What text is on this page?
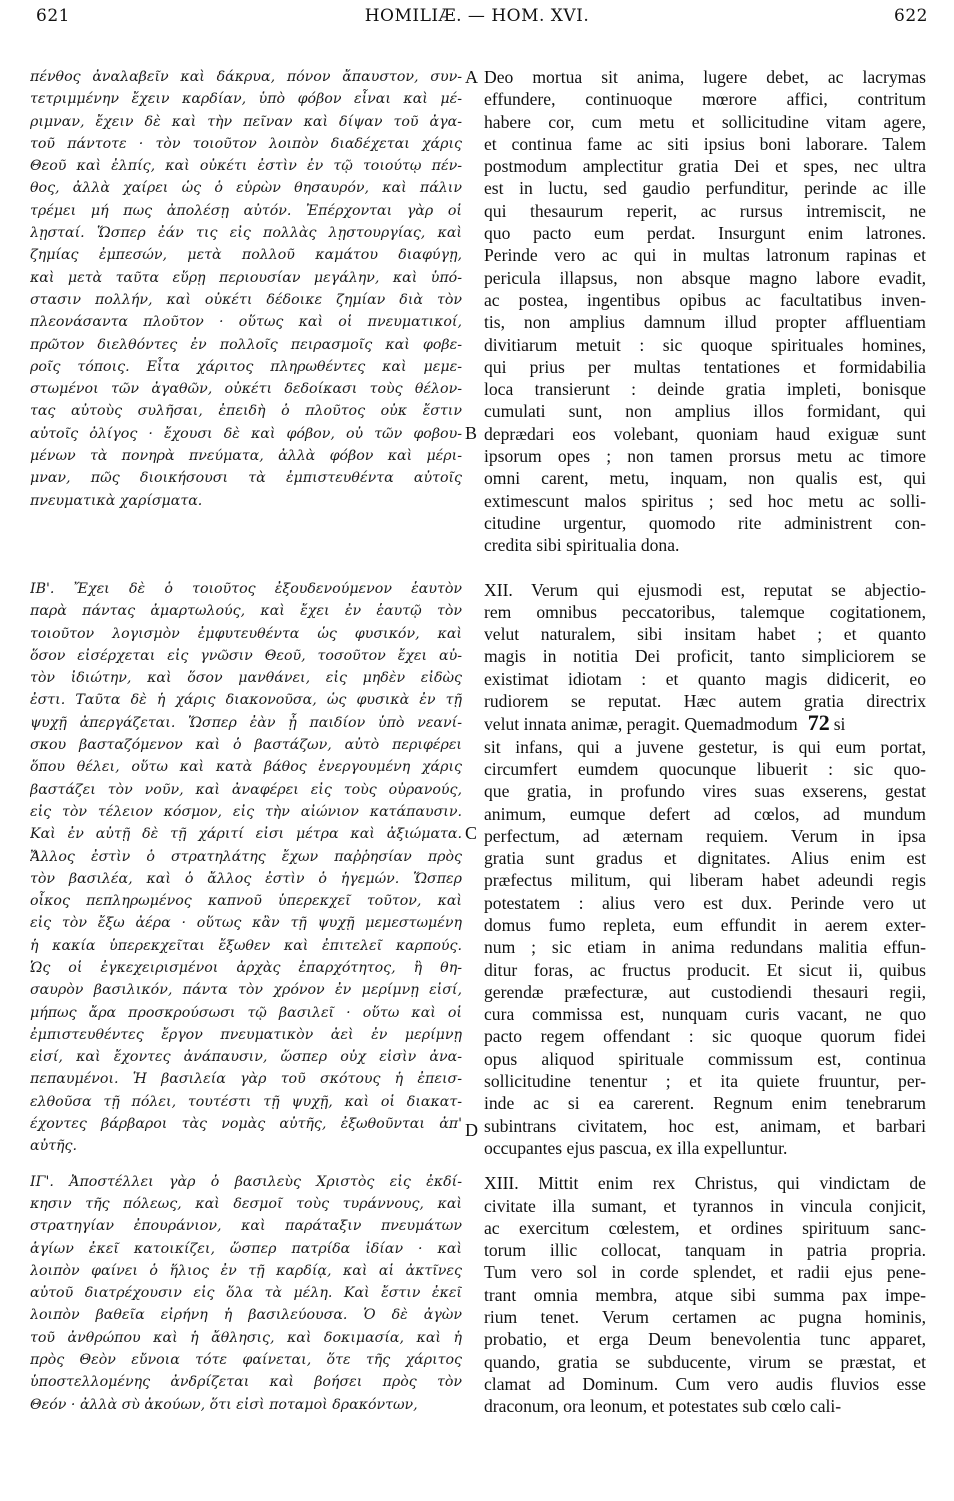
621	HOMILIÆ. — HOM. XVI.	622
πένθος ἀναλαβεῖν καὶ δάκρυα, πόνον ἄπαυστον, συν-
τετριμμένην ἔχειν καρδίαν, ὑπὸ φόβον εἶναι καὶ μέ-
ριμναν, ἔχειν δὲ καὶ τὴν πεῖναν καὶ δίψαν τοῦ ἀγα-
τοῦ πάντοτε · τὸν τοιοῦτον λοιπὸν διαδέχεται χάρις
Θεοῦ καὶ ἐλπίς, καὶ οὐκέτι ἐστὶν ἐν τῷ τοιούτῳ πέν-
θος, ἀλλὰ χαίρει ὡς ὁ εὑρὼν θησαυρόν, καὶ πάλιν
τρέμει μή πως ἀπολέσῃ αὐτόν. Ἐπέρχονται γὰρ οἱ
λῃσταί. Ὥσπερ ἐάν τις εἰς πολλὰς λῃστουργίας, καὶ
ζημίας ἐμπεσών, μετὰ πολλοῦ καμάτου διαφύγῃ,
καὶ μετὰ ταῦτα εὕρῃ περιουσίαν μεγάλην, καὶ ὑπό-
στασιν πολλήν, καὶ οὐκέτι δέδοικε ζημίαν διὰ τὸν
πλεονάσαντα πλοῦτον · οὕτως καὶ οἱ πνευματικοί,
πρῶτον διελθόντες ἐν πολλοῖς πειρασμοῖς καὶ φοβε-
ροῖς τόποις. Εἶτα χάριτος πληρωθέντες καὶ μεμε-
στωμένοι τῶν ἀγαθῶν, οὐκέτι δεδοίκασι τοὺς θέλον-
τας αὐτοὺς συλῆσαι, ἐπειδὴ ὁ πλοῦτος οὐκ ἔστιν
αὐτοῖς ὀλίγος · ἔχουσι δὲ καὶ φόβον, οὐ τῶν φοβου-
μένων τὰ πονηρὰ πνεύματα, ἀλλὰ φόβον καὶ μέρι-
μναν, πῶς διοικήσουσι τὰ ἐμπιστευθέντα αὐτοῖς
πνευματικὰ χαρίσματα.
ΙΒ'. Ἔχει δὲ ὁ τοιοῦτος ἐξουδενούμενον ἑαυτὸν
παρὰ πάντας ἁμαρτωλούς, καὶ ἔχει ἐν ἑαυτῷ τὸν
τοιοῦτον λογισμὸν ἐμφυτευθέντα ὡς φυσικόν, καὶ
ὅσον εἰσέρχεται εἰς γνῶσιν Θεοῦ, τοσοῦτον ἔχει αὐ-
τὸν ἰδιώτην, καὶ ὅσον μανθάνει, εἰς μηδὲν εἰδὼς
ἐστι. Ταῦτα δὲ ἡ χάρις διακονοῦσα, ὡς φυσικὰ ἐν τῇ
ψυχῇ ἀπεργάζεται. Ὥσπερ ἐὰν ᾖ παιδίον ὑπὸ νεανί-
σκου βασταζόμενον καὶ ὁ βαστάζων, αὐτὸ περιφέρει
ὅπου θέλει, οὕτω καὶ κατὰ βάθος ἐνεργουμένη χάρις
βαστάζει τὸν νοῦν, καὶ ἀναφέρει εἰς τοὺς οὐρανούς,
εἰς τὸν τέλειον κόσμον, εἰς τὴν αἰώνιον κατάπαυσιν.
Καὶ ἐν αὐτῇ δὲ τῇ χάριτί εἰσι μέτρα καὶ ἀξιώματα.
Ἄλλος ἐστὶν ὁ στρατηλάτης ἔχων παῤῥησίαν πρὸς
τὸν βασιλέα, καὶ ὁ ἄλλος ἐστὶν ὁ ἡγεμών. Ὥσπερ
οἶκος πεπληρωμένος καπνοῦ ὑπερεκχεῖ τοῦτον, καὶ
εἰς τὸν ἔξω ἀέρα · οὕτως κἂν τῇ ψυχῇ μεμεστωμένη
ἡ κακία ὑπερεκχεῖται ἔξωθεν καὶ ἐπιτελεῖ καρπούς.
Ὡς οἱ ἐγκεχειρισμένοι ἀρχὰς ἐπαρχότητος, ἢ θη-
σαυρὸν βασιλικόν, πάντα τὸν χρόνον ἐν μερίμνῃ εἰσί,
μήπως ἄρα προσκρούσωσι τῷ βασιλεῖ · οὕτω καὶ οἱ
ἐμπιστευθέντες ἔργον πνευματικὸν ἀεὶ ἐν μερίμνῃ
εἰσί, καὶ ἔχοντες ἀνάπαυσιν, ὥσπερ οὐχ εἰσὶν ἀνα-
πεπαυμένοι. Ἡ βασιλεία γὰρ τοῦ σκότους ἡ ἐπεισ-
ελθοῦσα τῇ πόλει, τουτέστι τῇ ψυχῇ, καὶ οἱ διακατ-
έχοντες βάρβαροι τὰς νομὰς αὐτῆς, ἐξωθοῦνται ἀπ'
αὐτῆς.
ΙΓ'. Ἀποστέλλει γὰρ ὁ βασιλεὺς Χριστὸς εἰς ἐκδί-
κησιν τῆς πόλεως, καὶ δεσμοῖ τοὺς τυράννους, καὶ
στρατηγίαν ἐπουράνιον, καὶ παράταξιν πνευμάτων
ἁγίων ἐκεῖ κατοικίζει, ὥσπερ πατρίδα ἰδίαν · καὶ
λοιπὸν φαίνει ὁ ἥλιος ἐν τῇ καρδίᾳ, καὶ αἱ ἀκτῖνες
αὐτοῦ διατρέχουσιν εἰς ὅλα τὰ μέλη. Καὶ ἔστιν ἐκεῖ
λοιπὸν βαθεῖα εἰρήνη ἡ βασιλεύουσα. Ὁ δὲ ἀγὼν
τοῦ ἀνθρώπου καὶ ἡ ἄθλησις, καὶ δοκιμασία, καὶ ἡ
πρὸς Θεὸν εὔνοια τότε φαίνεται, ὅτε τῆς χάριτος
ὑποστελλομένης ἀνδρίζεται καὶ βοήσει πρὸς τὸν
Θεόν · ἀλλὰ σὺ ἀκούων, ὅτι εἰσὶ ποταμοὶ δρακόντων,
Deo mortua sit anima, lugere debet, ac lacrymas
effundere, continuoque mœrore affici, contritum
habere cor, cum metu et sollicitudine vitam agere,
et continua fame ac siti ipsius boni laborare. Talem
postmodum amplectitur gratia Dei et spes, nec ultra
est in luctu, sed gaudio perfunditur, perinde ac ille
qui thesaurum reperit, ac rursus intremiscit, ne
quo pacto eum perdat. Insurgunt enim latrones.
Perinde vero ac qui in multas latronum rapinas et
pericula illapsus, non absque magno labore evadit,
ac postea, ingentibus opibus ac facultatibus inven-
tis, non amplius damnum illud propter affluentiam
divitiarum metuit : sic quoque spirituales homines,
qui prius per multas tentationes et formidabilia
loca transierunt : deinde gratia impleti, bonisque
cumulati sunt, non amplius illos formidant, qui
deprædari eos volebant, quoniam haud exiguæ sunt
ipsorum opes ; non tamen prorsus metu ac timore
omni carent, metu, inquam, non qualis est, qui
extimescunt malos spiritus ; sed hoc metu ac solli-
citudine urgentur, quomodo rite administrent con-
credita sibi spiritualia dona.
XII. Verum qui ejusmodi est, reputat se abjectio-
rem omnibus peccatoribus, talemque cogitationem,
velut naturalem, sibi insitam habet ; et quanto
magis in notitia Dei proficit, tanto simpliciorem se
existimat idiotam : et quanto magis didicerit, eo
rudiorem se reputat. Hæc autem gratia directrix
velut innata animæ, peragit. Quemadmodum 72 si
sit infans, qui a juvene gestetur, is qui eum portat,
circumfert eumdem quocunque libuerit : sic quo-
que gratia, in profundo vires suas exserens, gestat
animum, eumque defert ad cœlos, ad mundum
perfectum, ad æternam requiem. Verum in ipsa
gratia sunt gradus et dignitates. Alius enim est
præfectus militum, qui liberam habet adeundi regis
potestatem : alius vero est dux. Perinde vero ut
domus fumo repleta, eum effundit in aerem exter-
num ; sic etiam in anima redundans malitia effun-
ditur foras, ac fructus producit. Et sicut ii, quibus
gerendæ præfecturæ, aut custodiendi thesauri regii,
cura commissa est, nunquam curis vacant, ne quo
pacto regem offendant : sic quoque quorum fidei
opus aliquod spirituale commissum est, continua
sollicitudine tenentur ; et ita quiete fruuntur, per-
inde ac si ea carerent. Regnum enim tenebrarum
subintrans civitatem, hoc est, animam, et barbari
occupantes ejus pascua, ex illa expelluntur.
XIII. Mittit enim rex Christus, qui vindictam de
civitate illa sumant, et tyrannos in vincula conjicit,
ac exercitum cœlestem, et ordines spirituum sanc-
torum illic collocat, tanquam in patria propria.
Tum vero sol in corde splendet, et radii ejus pene-
trant omnia membra, atque sibi summa pax impe-
rium tenet. Verum certamen ac pugna hominis,
probatio, et erga Deum benevolentia tunc apparet,
quando, gratia se subducente, virum se præstat, et
clamat ad Dominum. Cum vero audis fluvios esse
draconum, ora leonum, et potestates sub cœlo cali-
A
B
C
D
